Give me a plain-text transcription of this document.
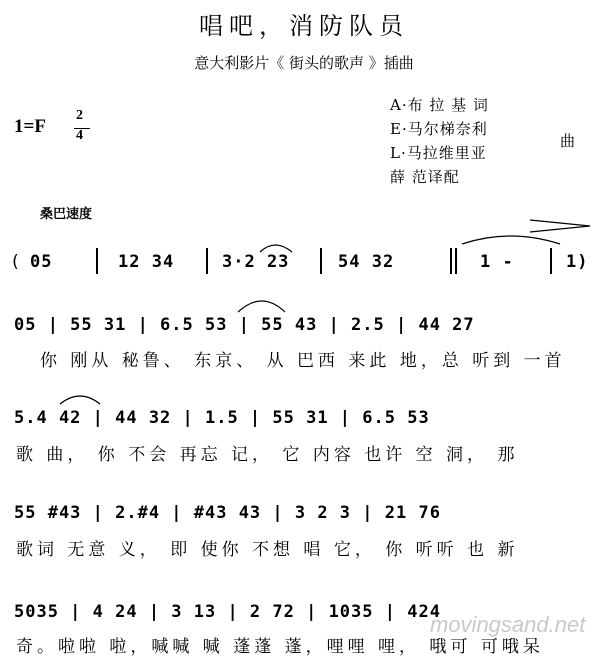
唱吧，消防队员
意大利影片《 街头的歌声 》插曲
1=F
2
4
A·布 拉 基 词
E·马尔梯奈利
曲
L·马拉维里亚
薛 范译配
桑巴速度
( 05	12 34	3·2 23	54 32	1 -	1)
05 | 55 31 | 6.5 53 | 55 43 | 2.5 | 44 27
你 刚从 秘鲁、 东京、 从 巴西 来此 地，总 听到 一首
5.4 42 | 44 32 | 1.5 | 55 31 | 6.5 53
歌 曲， 你 不会 再忘 记， 它 内容 也许 空 洞， 那
55 #43 | 2.#4 | #43 43 | 3 2 3 | 21 76
歌词 无意 义， 即 使你 不想 唱 它， 你 听听 也 新
5035 | 4 24 | 3 13 | 2 72 | 1035 | 424
奇。啦啦 啦，喊喊 喊 蓬蓬 蓬，哩哩 哩， 哦可 可哦呆
movingsand.net
